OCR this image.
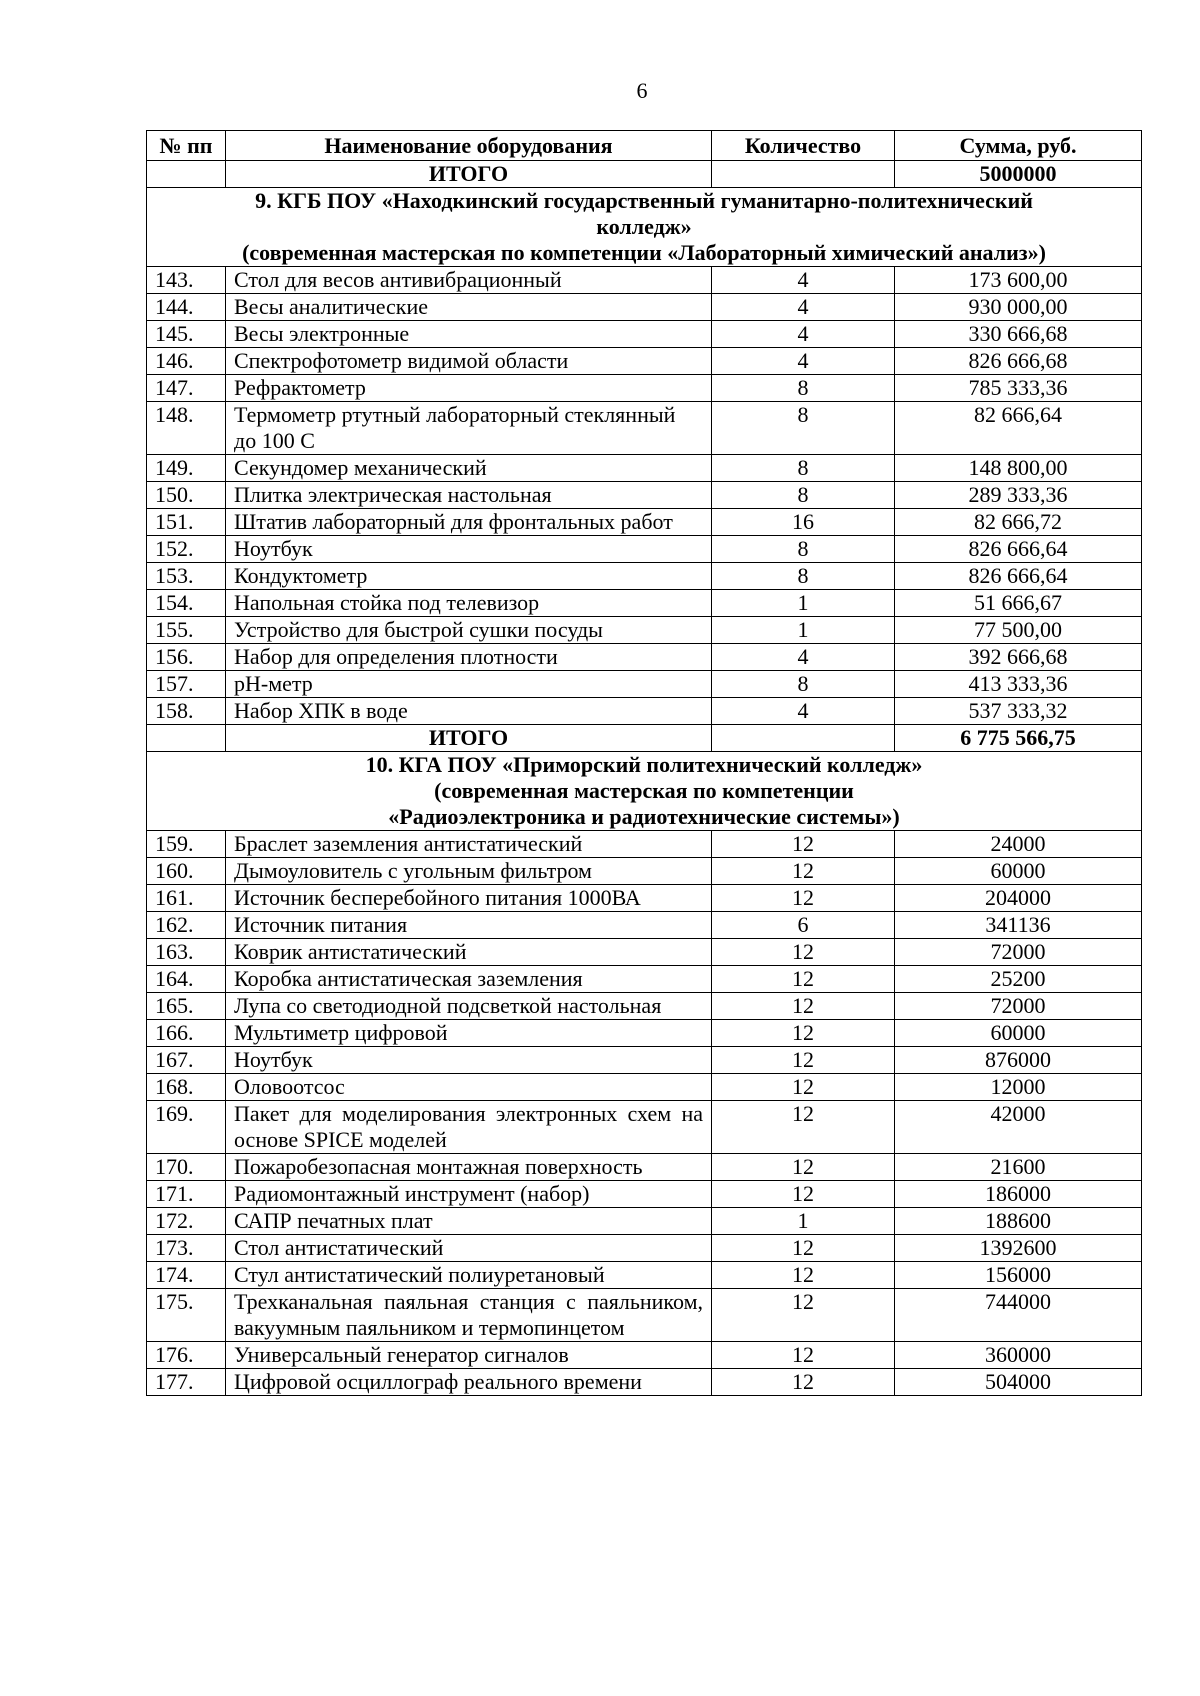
6
№ пп	Наименование оборудования	Количество	Сумма, руб.
	ИТОГО		5000000

9. КГБ ПОУ «Находкинский государственный гуманитарно-политехнический
колледж»
(современная мастерская по компетенции «Лабораторный химический анализ»)			

143.	Стол для весов антивибрационный	4	173 600,00
144.	Весы аналитические	4	930 000,00
145.	Весы электронные	4	330 666,68
146.	Спектрофотометр видимой области	4	826 666,68
147.	Рефрактометр	8	785 333,36
148.	Термометр ртутный лабораторный стеклянный до 100 С	8	82 666,64
149.	Секундомер механический	8	148 800,00
150.	Плитка электрическая настольная	8	289 333,36
151.	Штатив лабораторный для фронтальных работ	16	82 666,72
152.	Ноутбук	8	826 666,64
153.	Кондуктометр	8	826 666,64
154.	Напольная стойка под телевизор	1	51 666,67
155.	Устройство для быстрой сушки посуды	1	77 500,00
156.	Набор для определения плотности	4	392 666,68
157.	pH-метр	8	413 333,36
158.	Набор ХПК в воде	4	537 333,32
	ИТОГО		6 775 566,75

10. КГА ПОУ «Приморский политехнический колледж»
(современная мастерская по компетенции
«Радиоэлектроника и радиотехнические системы»)			

159.	Браслет заземления антистатический	12	24000
160.	Дымоуловитель с угольным фильтром	12	60000
161.	Источник бесперебойного питания 1000ВА	12	204000
162.	Источник питания	6	341136
163.	Коврик антистатический	12	72000
164.	Коробка антистатическая заземления	12	25200
165.	Лупа со светодиодной подсветкой настольная	12	72000
166.	Мультиметр цифровой	12	60000
167.	Ноутбук	12	876000
168.	Оловоотсос	12	12000
169.	Пакет для моделирования электронных схем на основе SPICE моделей	12	42000
170.	Пожаробезопасная монтажная поверхность	12	21600
171.	Радиомонтажный инструмент (набор)	12	186000
172.	САПР печатных плат	1	188600
173.	Стол антистатический	12	1392600
174.	Стул антистатический полиуретановый	12	156000
175.	Трехканальная паяльная станция с паяльником, вакуумным паяльником и термопинцетом	12	744000
176.	Универсальный генератор сигналов	12	360000
177.	Цифровой осциллограф реального времени	12	504000
